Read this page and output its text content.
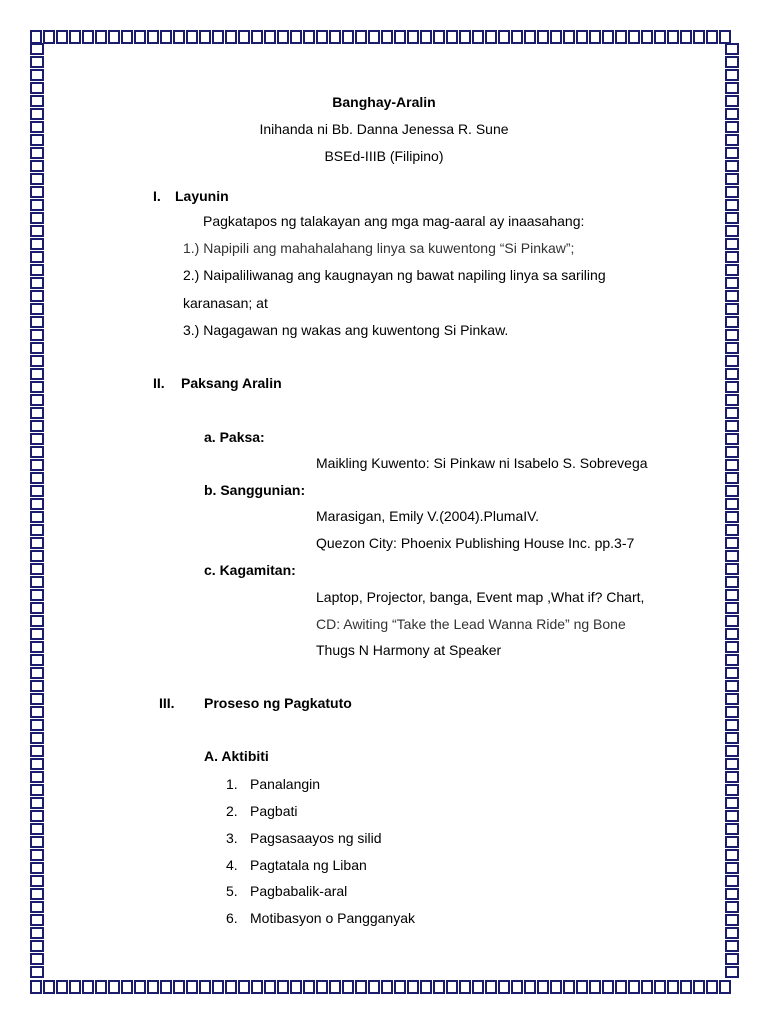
Banghay-Aralin
Inihanda ni Bb. Danna Jenessa R. Sune
BSEd-IIIB (Filipino)
I. Layunin
Pagkatapos ng talakayan ang mga mag-aaral ay inaasahang:
1.) Napipili ang mahahalahang linya sa kuwentong “Si Pinkaw”;
2.) Naipaliliwanag ang kaugnayan ng bawat napiling linya sa sariling
karanasan; at
3.) Nagagawan ng wakas ang kuwentong Si Pinkaw.
II. Paksang Aralin
a. Paksa:
Maikling Kuwento: Si Pinkaw ni Isabelo S. Sobrevega
b. Sanggunian:
Marasigan, Emily V.(2004).PlumaIV.
Quezon City: Phoenix Publishing House Inc. pp.3-7
c. Kagamitan:
Laptop, Projector, banga, Event map ,What if? Chart,
CD: Awiting “Take the Lead Wanna Ride” ng Bone
Thugs N Harmony at Speaker
III. Proseso ng Pagkatuto
A. Aktibiti
1. Panalangin
2. Pagbati
3. Pagsasaayos ng silid
4. Pagtatala ng Liban
5. Pagbabalik-aral
6. Motibasyon o Pangganyak
